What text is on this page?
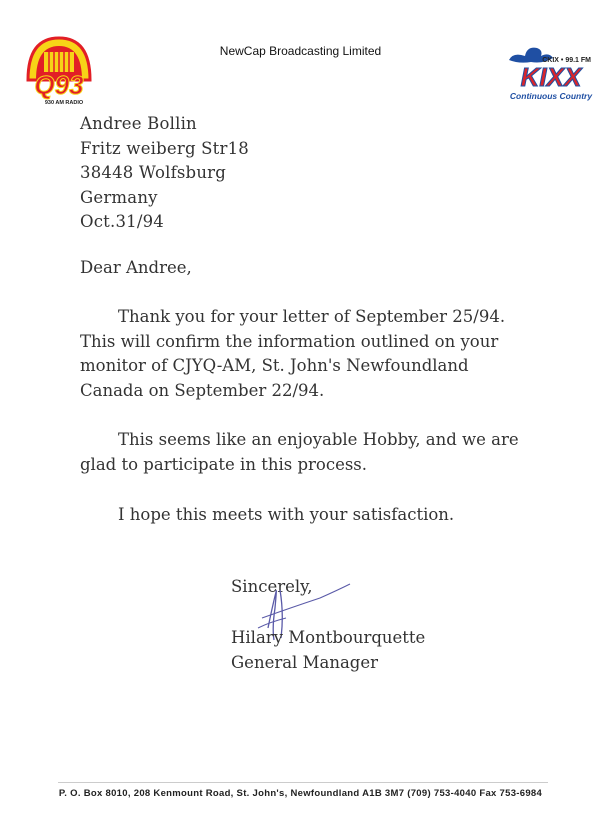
Q93
930 AM RADIO
NewCap Broadcasting Limited
CKIX • 99.1 FM
KIXX
Continuous Country
Andree Bollin
Fritz weiberg Str18
38448 Wolfsburg
Germany
Oct.31/94
Dear Andree,
Thank you for your letter of September 25/94.
This will confirm the information outlined on your
monitor of CJYQ-AM, St. John's Newfoundland
Canada on September 22/94.
This seems like an enjoyable Hobby, and we are
glad to participate in this process.
I hope this meets with your satisfaction.
Sincerely,
Hilary Montbourquette
General Manager
P. O. Box 8010, 208 Kenmount Road, St. John's, Newfoundland A1B 3M7 (709) 753-4040 Fax 753-6984
